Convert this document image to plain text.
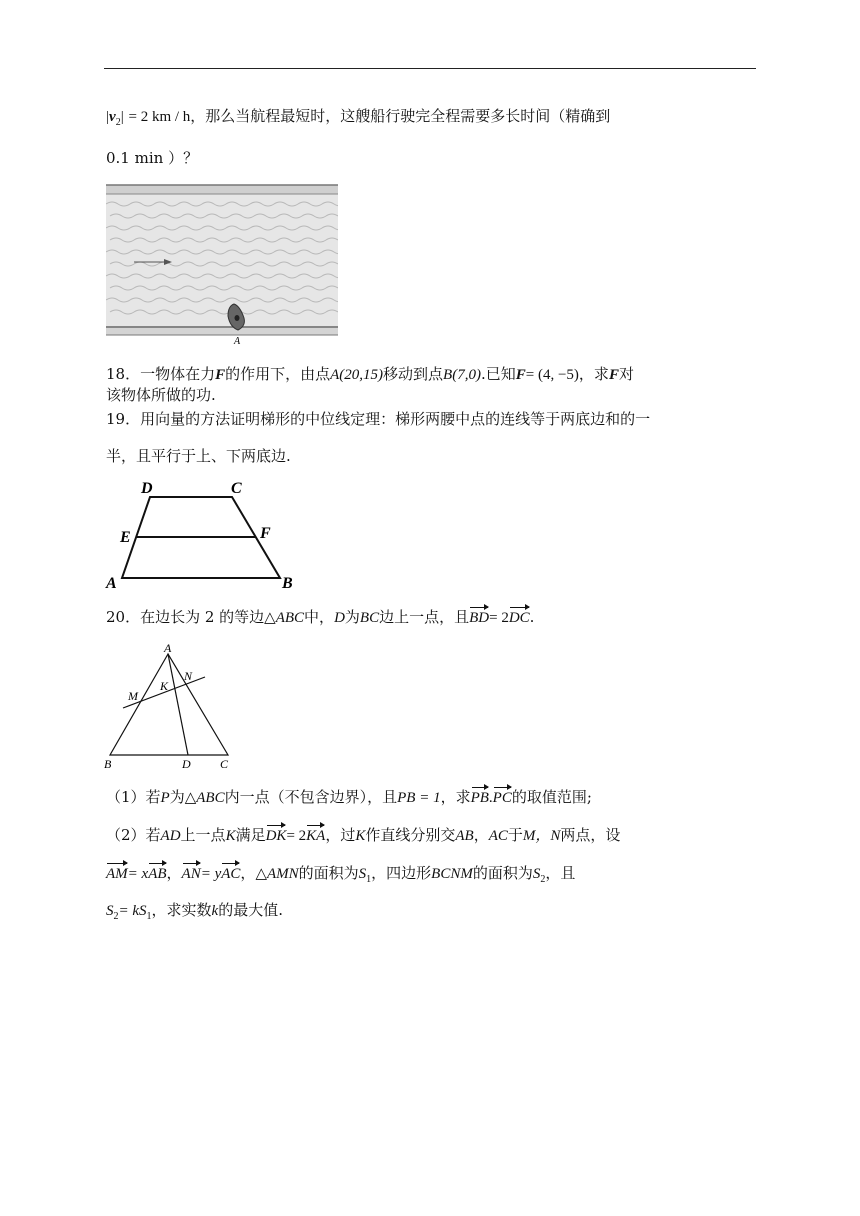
$|v_2| = 2$ km / h，那么当航程最短时，这艘船行驶完全程需要多长时间（精确到
0.1 min ）？
A
18．一物体在力F的作用下，由点A(20,15)移动到点B(7,0).已知F= (4, −5)，求F对
该物体所做的功.
19．用向量的方法证明梯形的中位线定理：梯形两腰中点的连线等于两底边和的一
半，且平行于上、下两底边.
D	C
E	F
A	B
20．在边长为 2 的等边△ABC中，D为BC边上一点，且BD= 2DC.
A
N
K
M
B	D C
（1）若P为△ABC内一点（不包含边界），且PB = 1，求PB.PC的取值范围;
（2）若AD上一点K满足DK= 2KA，过K作直线分别交AB，AC于M，N两点，设
AM= xAB，AN= yAC，△AMN的面积为$S_1$，四边形BCNM的面积为$S_2$，且
$S_2= kS_1$，求实数k的最大值.
